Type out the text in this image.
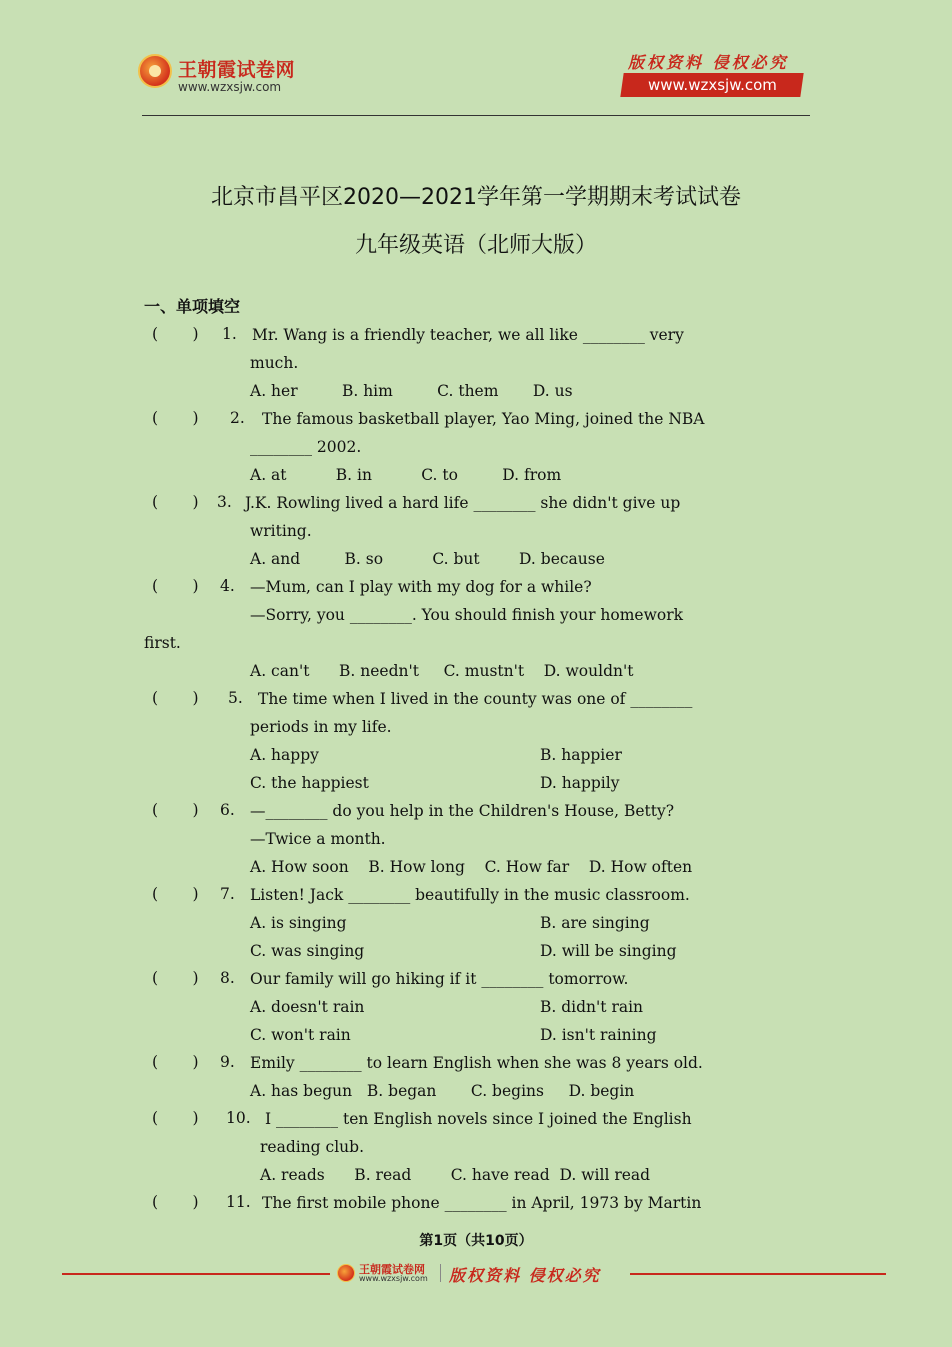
王朝霞试卷网
www.wzxsjw.com
版权资料 侵权必究
www.wzxsjw.com
北京市昌平区2020—2021学年第一学期期末考试试卷
九年级英语（北师大版）
一、单项填空
(       ) 1. Mr. Wang is a friendly teacher, we all like ________ very
much.
A. her         B. him         C. them       D. us
(       ) 2. The famous basketball player, Yao Ming, joined the NBA
________ 2002.
A. at          B. in          C. to         D. from
(       ) 3. J.K. Rowling lived a hard life ________ she didn't give up
writing.
A. and         B. so          C. but        D. because
(       ) 4. —Mum, can I play with my dog for a while?
—Sorry, you ________. You should finish your homework
first.
A. can't      B. needn't     C. mustn't    D. wouldn't
(       ) 5. The time when I lived in the county was one of ________
periods in my life.
A. happy	B. happier
C. the happiest	D. happily
(       ) 6. —________ do you help in the Children's House, Betty?
—Twice a month.
A. How soon    B. How long    C. How far    D. How often
(       ) 7. Listen! Jack ________ beautifully in the music classroom.
A. is singing	B. are singing
C. was singing	D. will be singing
(       ) 8. Our family will go hiking if it ________ tomorrow.
A. doesn't rain	B. didn't rain
C. won't rain	D. isn't raining
(       ) 9. Emily ________ to learn English when she was 8 years old.
A. has begun   B. began       C. begins     D. begin
(       ) 10. I ________ ten English novels since I joined the English
reading club.
A. reads      B. read        C. have read  D. will read
(       ) 11. The first mobile phone ________ in April, 1973 by Martin
第1页（共10页）
王朝霞试卷网
www.wzxsjw.com 版权资料 侵权必究
